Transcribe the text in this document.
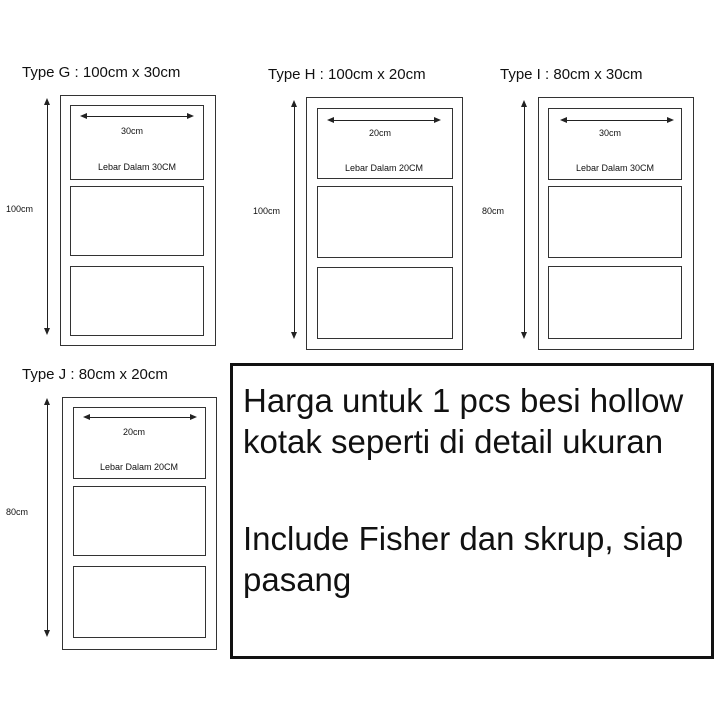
Type G : 100cm x 30cm
100cm
30cm
Lebar Dalam 30CM
Type H : 100cm x 20cm
100cm
20cm
Lebar Dalam 20CM
Type I : 80cm x 30cm
80cm
30cm
Lebar Dalam 30CM
Type J : 80cm x 20cm
80cm
20cm
Lebar Dalam 20CM
Harga untuk 1 pcs besi hollow kotak seperti di detail ukuran
Include Fisher dan skrup, siap pasang
